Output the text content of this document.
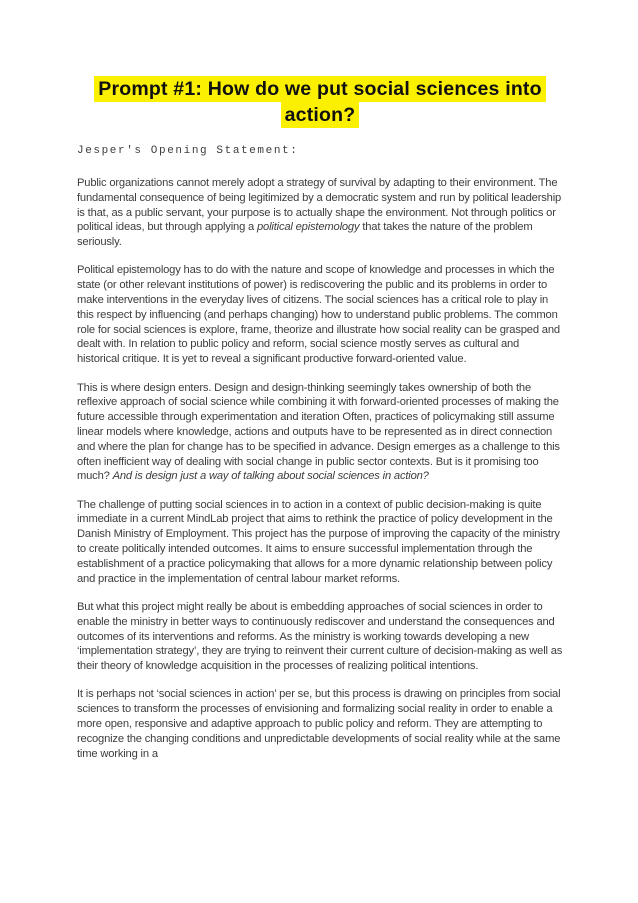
Prompt #1: How do we put social sciences into action?
Jesper's Opening Statement:

Public organizations cannot merely adopt a strategy of survival by adapting to their environment. The fundamental consequence of being legitimized by a democratic system and run by political leadership is that, as a public servant, your purpose is to actually shape the environment. Not through politics or political ideas, but through applying a political epistemology that takes the nature of the problem seriously.

Political epistemology has to do with the nature and scope of knowledge and processes in which the state (or other relevant institutions of power) is rediscovering the public and its problems in order to make interventions in the everyday lives of citizens. The social sciences has a critical role to play in this respect by influencing (and perhaps changing) how to understand public problems. The common role for social sciences is explore, frame, theorize and illustrate how social reality can be grasped and dealt with. In relation to public policy and reform, social science mostly serves as cultural and historical critique. It is yet to reveal a significant productive forward-oriented value.

This is where design enters. Design and design-thinking seemingly takes ownership of both the reflexive approach of social science while combining it with forward-oriented processes of making the future accessible through experimentation and iteration Often, practices of policymaking still assume linear models where knowledge, actions and outputs have to be represented as in direct connection and where the plan for change has to be specified in advance. Design emerges as a challenge to this often inefficient way of dealing with social change in public sector contexts. But is it promising too much? And is design just a way of talking about social sciences in action?

The challenge of putting social sciences in to action in a context of public decision-making is quite immediate in a current MindLab project that aims to rethink the practice of policy development in the Danish Ministry of Employment. This project has the purpose of improving the capacity of the ministry to create politically intended outcomes. It aims to ensure successful implementation through the establishment of a practice policymaking that allows for a more dynamic relationship between policy and practice in the implementation of central labour market reforms.

But what this project might really be about is embedding approaches of social sciences in order to enable the ministry in better ways to continuously rediscover and understand the consequences and outcomes of its interventions and reforms. As the ministry is working towards developing a new ‘implementation strategy’, they are trying to reinvent their current culture of decision-making as well as their theory of knowledge acquisition in the processes of realizing political intentions.

It is perhaps not ‘social sciences in action’ per se, but this process is drawing on principles from social sciences to transform the processes of envisioning and formalizing social reality in order to enable a more open, responsive and adaptive approach to public policy and reform. They are attempting to recognize the changing conditions and unpredictable developments of social reality while at the same time working in a
